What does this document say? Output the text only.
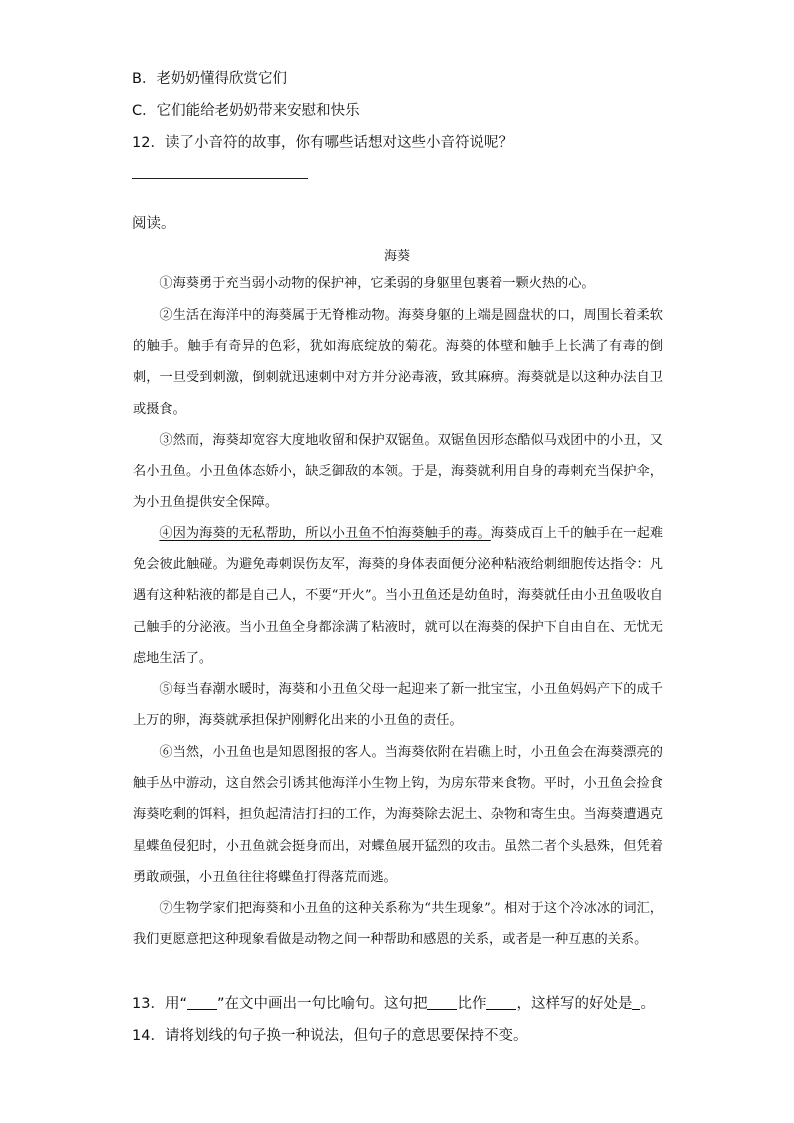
B．老奶奶懂得欣赏它们
C．它们能给老奶奶带来安慰和快乐
12．读了小音符的故事，你有哪些话想对这些小音符说呢？
阅读。
海葵
①海葵勇于充当弱小动物的保护神，它柔弱的身躯里包裹着一颗火热的心。
②生活在海洋中的海葵属于无脊椎动物。海葵身躯的上端是圆盘状的口，周围长着柔软的触手。触手有奇异的色彩，犹如海底绽放的菊花。海葵的体壁和触手上长满了有毒的倒刺，一旦受到刺激，倒刺就迅速刺中对方并分泌毒液，致其麻痹。海葵就是以这种办法自卫或摄食。
③然而，海葵却宽容大度地收留和保护双锯鱼。双锯鱼因形态酷似马戏团中的小丑，又名小丑鱼。小丑鱼体态娇小，缺乏御敌的本领。于是，海葵就利用自身的毒刺充当保护伞，为小丑鱼提供安全保障。
④因为海葵的无私帮助，所以小丑鱼不怕海葵触手的毒。海葵成百上千的触手在一起难免会彼此触碰。为避免毒刺误伤友军，海葵的身体表面便分泌种粘液给刺细胞传达指令：凡遇有这种粘液的都是自己人，不要“开火”。当小丑鱼还是幼鱼时，海葵就任由小丑鱼吸收自己触手的分泌液。当小丑鱼全身都涂满了粘液时，就可以在海葵的保护下自由自在、无忧无虑地生活了。
⑤每当春潮水暖时，海葵和小丑鱼父母一起迎来了新一批宝宝，小丑鱼妈妈产下的成千上万的卵，海葵就承担保护刚孵化出来的小丑鱼的责任。
⑥当然，小丑鱼也是知恩图报的客人。当海葵依附在岩礁上时，小丑鱼会在海葵漂亮的触手丛中游动，这自然会引诱其他海洋小生物上钩，为房东带来食物。平时，小丑鱼会捡食海葵吃剩的饵料，担负起清洁打扫的工作，为海葵除去泥土、杂物和寄生虫。当海葵遭遇克星蝶鱼侵犯时，小丑鱼就会挺身而出，对蝶鱼展开猛烈的攻击。虽然二者个头悬殊，但凭着勇敢顽强，小丑鱼往往将蝶鱼打得落荒而逃。
⑦生物学家们把海葵和小丑鱼的这种关系称为“共生现象”。相对于这个冷冰冰的词汇，我们更愿意把这种现象看做是动物之间一种帮助和感恩的关系，或者是一种互惠的关系。
13．用“ ”在文中画出一句比喻句。这句把 比作 ，这样写的好处是 。
14．请将划线的句子换一种说法，但句子的意思要保持不变。
